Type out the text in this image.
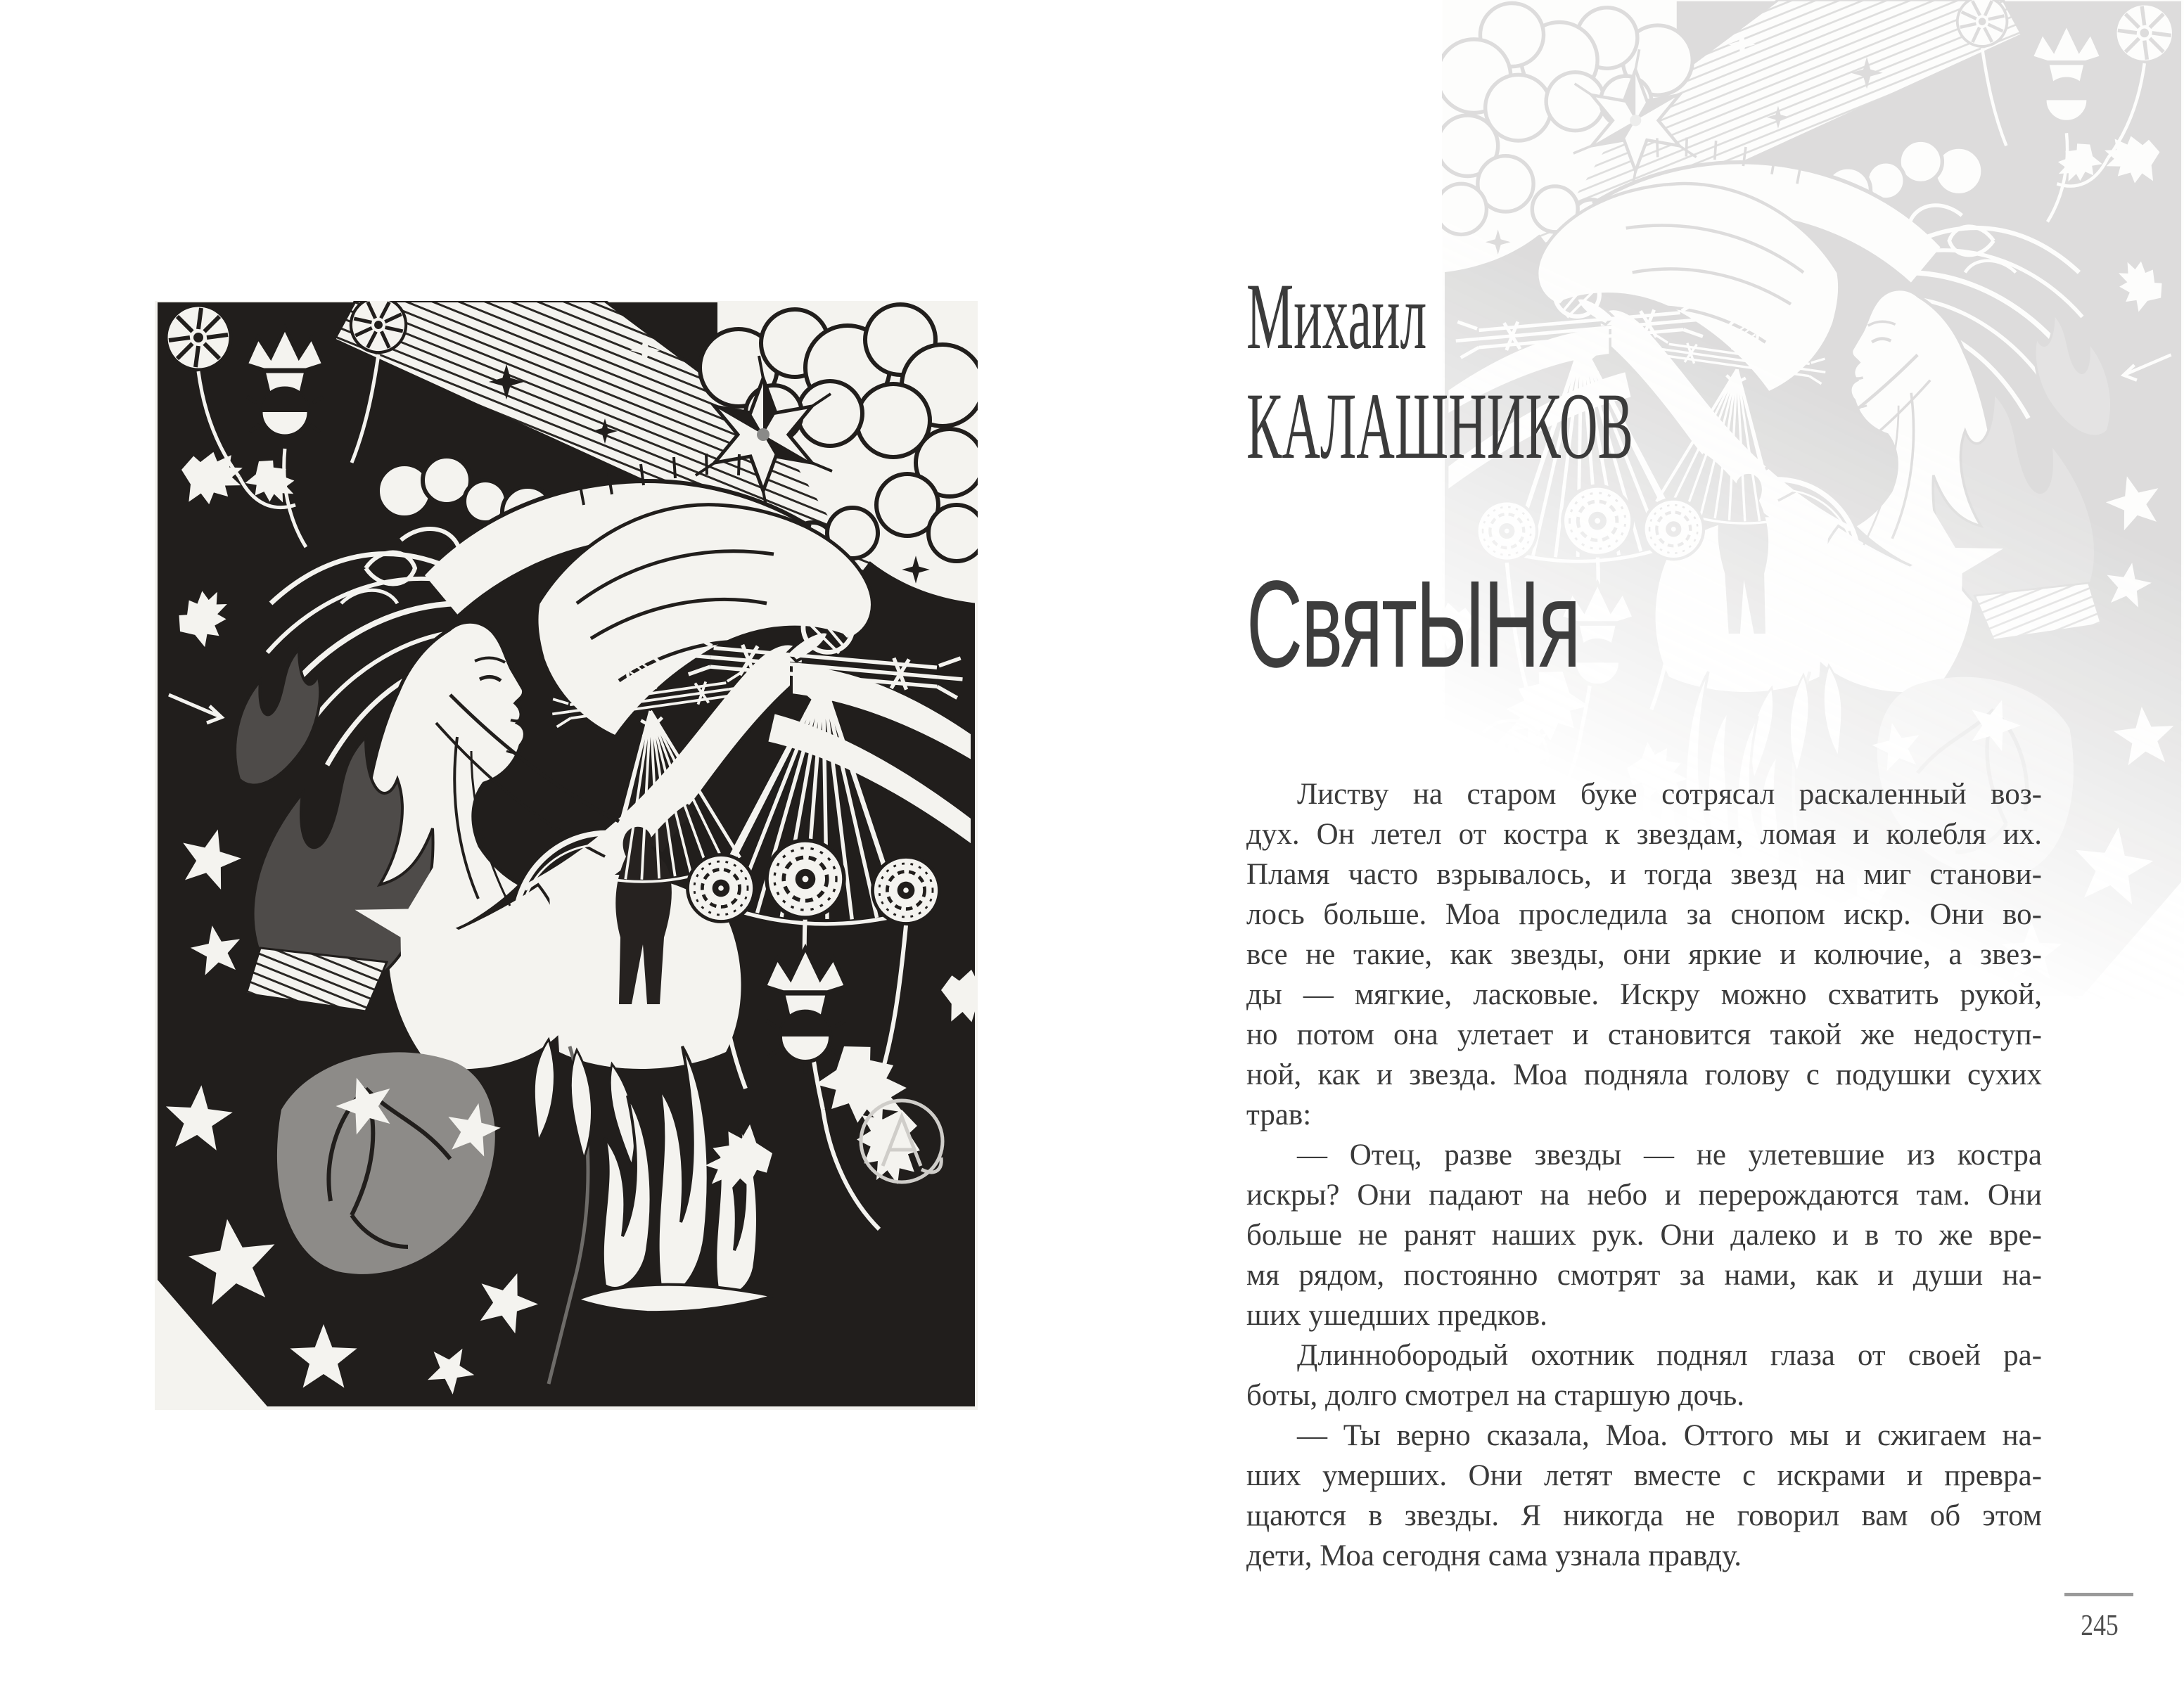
Михаил
КАЛАШНИКОВ
СвятЫНя
Листву на старом буке сотрясал раскаленный воз-
дух. Он летел от костра к звездам, ломая и колебля их.
Пламя часто взрывалось, и тогда звезд на миг станови-
лось больше. Моа проследила за снопом искр. Они во-
все не такие, как звезды, они яркие и колючие, а звез-
ды — мягкие, ласковые. Искру можно схватить рукой,
но потом она улетает и становится такой же недоступ-
ной, как и звезда. Моа подняла голову с подушки сухих
трав:
— Отец, разве звезды — не улетевшие из костра
искры? Они падают на небо и перерождаются там. Они
больше не ранят наших рук. Они далеко и в то же вре-
мя рядом, постоянно смотрят за нами, как и души на-
ших ушедших предков.
Длиннобородый охотник поднял глаза от своей ра-
боты, долго смотрел на старшую дочь.
— Ты верно сказала, Моа. Оттого мы и сжигаем на-
ших умерших. Они летят вместе с искрами и превра-
щаются в звезды. Я никогда не говорил вам об этом
дети, Моа сегодня сама узнала правду.
245
